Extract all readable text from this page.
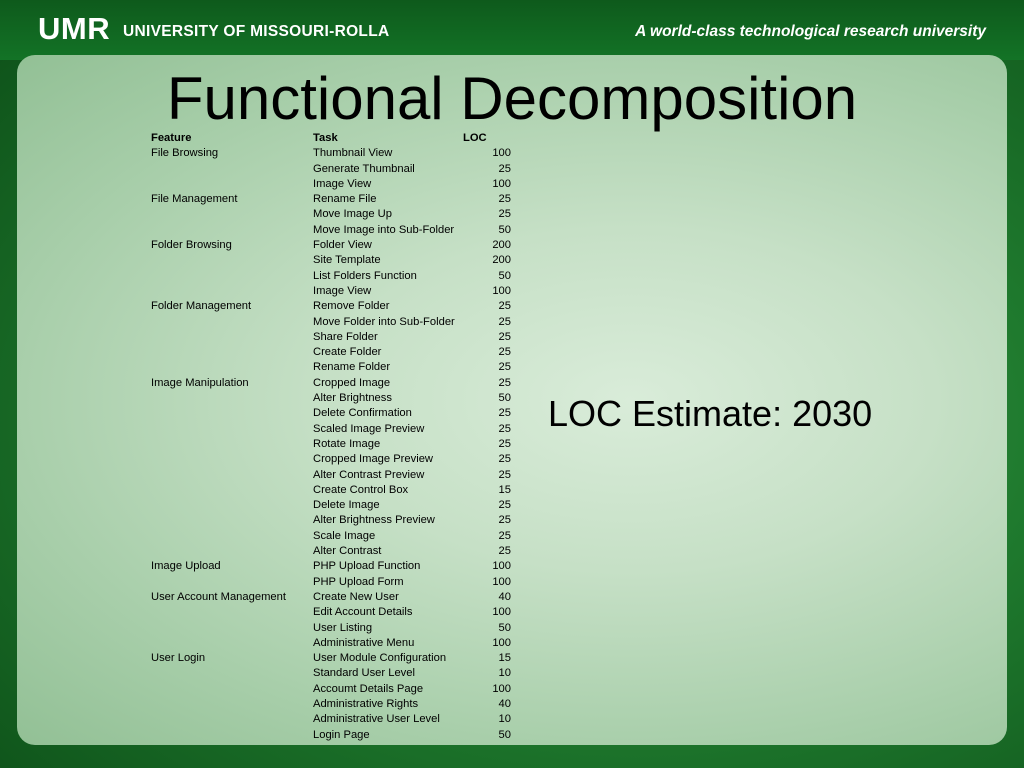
UMR UNIVERSITY OF MISSOURI-ROLLA	A world-class technological research university
Functional Decomposition
Feature	Task	LOC
File Browsing	Thumbnail View	100
	Generate Thumbnail	25
	Image View	100
File Management	Rename File	25
	Move Image Up	25
	Move Image into Sub-Folder	50
Folder Browsing	Folder View	200
	Site Template	200
	List Folders Function	50
	Image View	100
Folder Management	Remove Folder	25
	Move Folder into Sub-Folder	25
	Share Folder	25
	Create Folder	25
	Rename Folder	25
Image Manipulation	Cropped Image	25
	Alter Brightness	50
	Delete Confirmation	25
	Scaled Image Preview	25
	Rotate Image	25
	Cropped Image Preview	25
	Alter Contrast Preview	25
	Create Control Box	15
	Delete Image	25
	Alter Brightness Preview	25
	Scale Image	25
	Alter Contrast	25
Image Upload	PHP Upload Function	100
	PHP Upload Form	100
User Account Management	Create New User	40
	Edit Account Details	100
	User Listing	50
	Administrative Menu	100
User Login	User Module Configuration	15
	Standard User Level	10
	Accoumt Details Page	100
	Administrative Rights	40
	Administrative User Level	10
	Login Page	50
LOC Estimate: 2030
